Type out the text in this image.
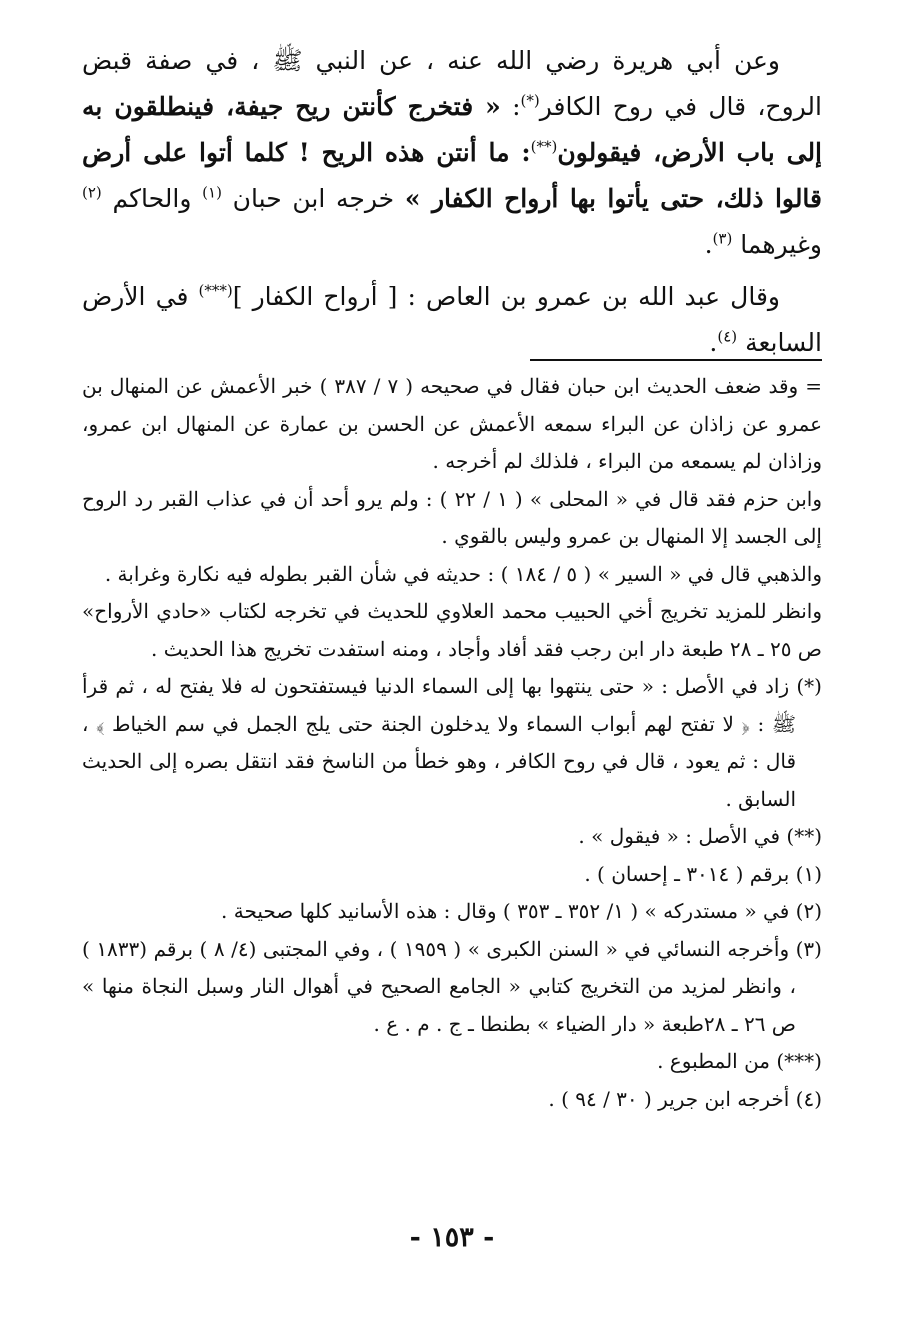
وعن أبي هريرة رضي الله عنه ، عن النبي ﷺ ، في صفة قبض الروح، قال في روح الكافر(*): « فتخرج كأنتن ريح جيفة، فينطلقون به إلى باب الأرض، فيقولون(**): ما أنتن هذه الريح ! كلما أتوا على أرض قالوا ذلك، حتى يأتوا بها أرواح الكفار » خرجه ابن حبان $^{(١)}$ والحاكم $^{(٢)}$ وغيرهما $^{(٣)}$.

وقال عبد الله بن عمرو بن العاص : [ أرواح الكفار ](***) في الأرض السابعة $^{(٤)}$.

= وقد ضعف الحديث ابن حبان فقال في صحيحه ( ٧ / ٣٨٧ ) خبر الأعمش عن المنهال بن عمرو عن زاذان عن البراء سمعه الأعمش عن الحسن بن عمارة عن المنهال ابن عمرو، وزاذان لم يسمعه من البراء ، فلذلك لم أخرجه .

وابن حزم فقد قال في « المحلى » ( ١ / ٢٢ ) : ولم يرو أحد أن في عذاب القبر رد الروح إلى الجسد إلا المنهال بن عمرو وليس بالقوي .

والذهبي قال في « السير » ( ٥ / ١٨٤ ) : حديثه في شأن القبر بطوله فيه نكارة وغرابة .

وانظر للمزيد تخريج أخي الحبيب محمد العلاوي للحديث في تخرجه لكتاب «حادي الأرواح» ص ٢٥ ـ ٢٨ طبعة دار ابن رجب فقد أفاد وأجاد ، ومنه استفدت تخريج هذا الحديث .

(*) زاد في الأصل : « حتى ينتهوا بها إلى السماء الدنيا فيستفتحون له فلا يفتح له ، ثم قرأ ﷺ : ﴿ لا تفتح لهم أبواب السماء ولا يدخلون الجنة حتى يلج الجمل في سم الخياط ﴾ ، قال : ثم يعود ، قال في روح الكافر ، وهو خطأ من الناسخ فقد انتقل بصره إلى الحديث السابق .

(**) في الأصل : « فيقول » .

(١) برقم ( ٣٠١٤ ـ إحسان ) .

(٢) في « مستدركه » ( ١/ ٣٥٢ ـ ٣٥٣ ) وقال : هذه الأسانيد كلها صحيحة .

(٣) وأخرجه النسائي في « السنن الكبرى » ( ١٩٥٩ ) ، وفي المجتبى (٤/ ٨ ) برقم (١٨٣٣ ) ، وانظر لمزيد من التخريج كتابي « الجامع الصحيح في أهوال النار وسبل النجاة منها » ص ٢٦ ـ ٢٨طبعة « دار الضياء » بطنطا ـ ج . م . ع .

(***) من المطبوع .

(٤) أخرجه ابن جرير ( ٣٠ / ٩٤ ) .

- ١٥٣ -
